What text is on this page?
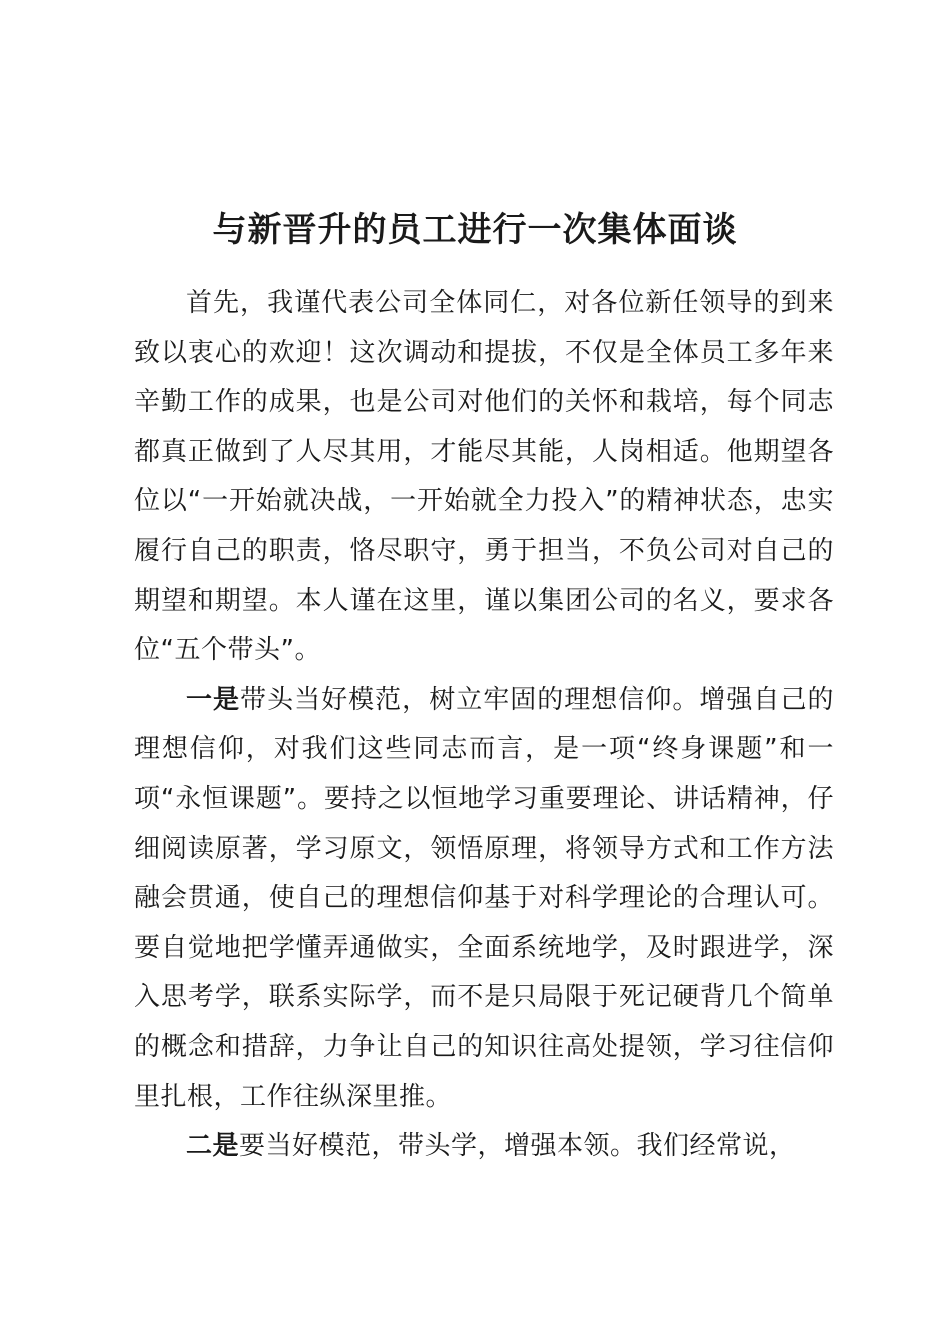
与新晋升的员工进行一次集体面谈

首先，我谨代表公司全体同仁，对各位新任领导的到来致以衷心的欢迎！这次调动和提拔，不仅是全体员工多年来辛勤工作的成果，也是公司对他们的关怀和栽培，每个同志都真正做到了人尽其用，才能尽其能，人岗相适。他期望各位以“一开始就决战，一开始就全力投入”的精神状态，忠实履行自己的职责，恪尽职守，勇于担当，不负公司对自己的期望和期望。本人谨在这里，谨以集团公司的名义，要求各位“五个带头”。

一是带头当好模范，树立牢固的理想信仰。增强自己的理想信仰，对我们这些同志而言，是一项“终身课题”和一项“永恒课题”。要持之以恒地学习重要理论、讲话精神，仔细阅读原著，学习原文，领悟原理，将领导方式和工作方法融会贯通，使自己的理想信仰基于对科学理论的合理认可。要自觉地把学懂弄通做实，全面系统地学，及时跟进学，深入思考学，联系实际学，而不是只局限于死记硬背几个简单的概念和措辞，力争让自己的知识往高处提领，学习往信仰里扎根，工作往纵深里推。

二是要当好模范，带头学，增强本领。我们经常说，
